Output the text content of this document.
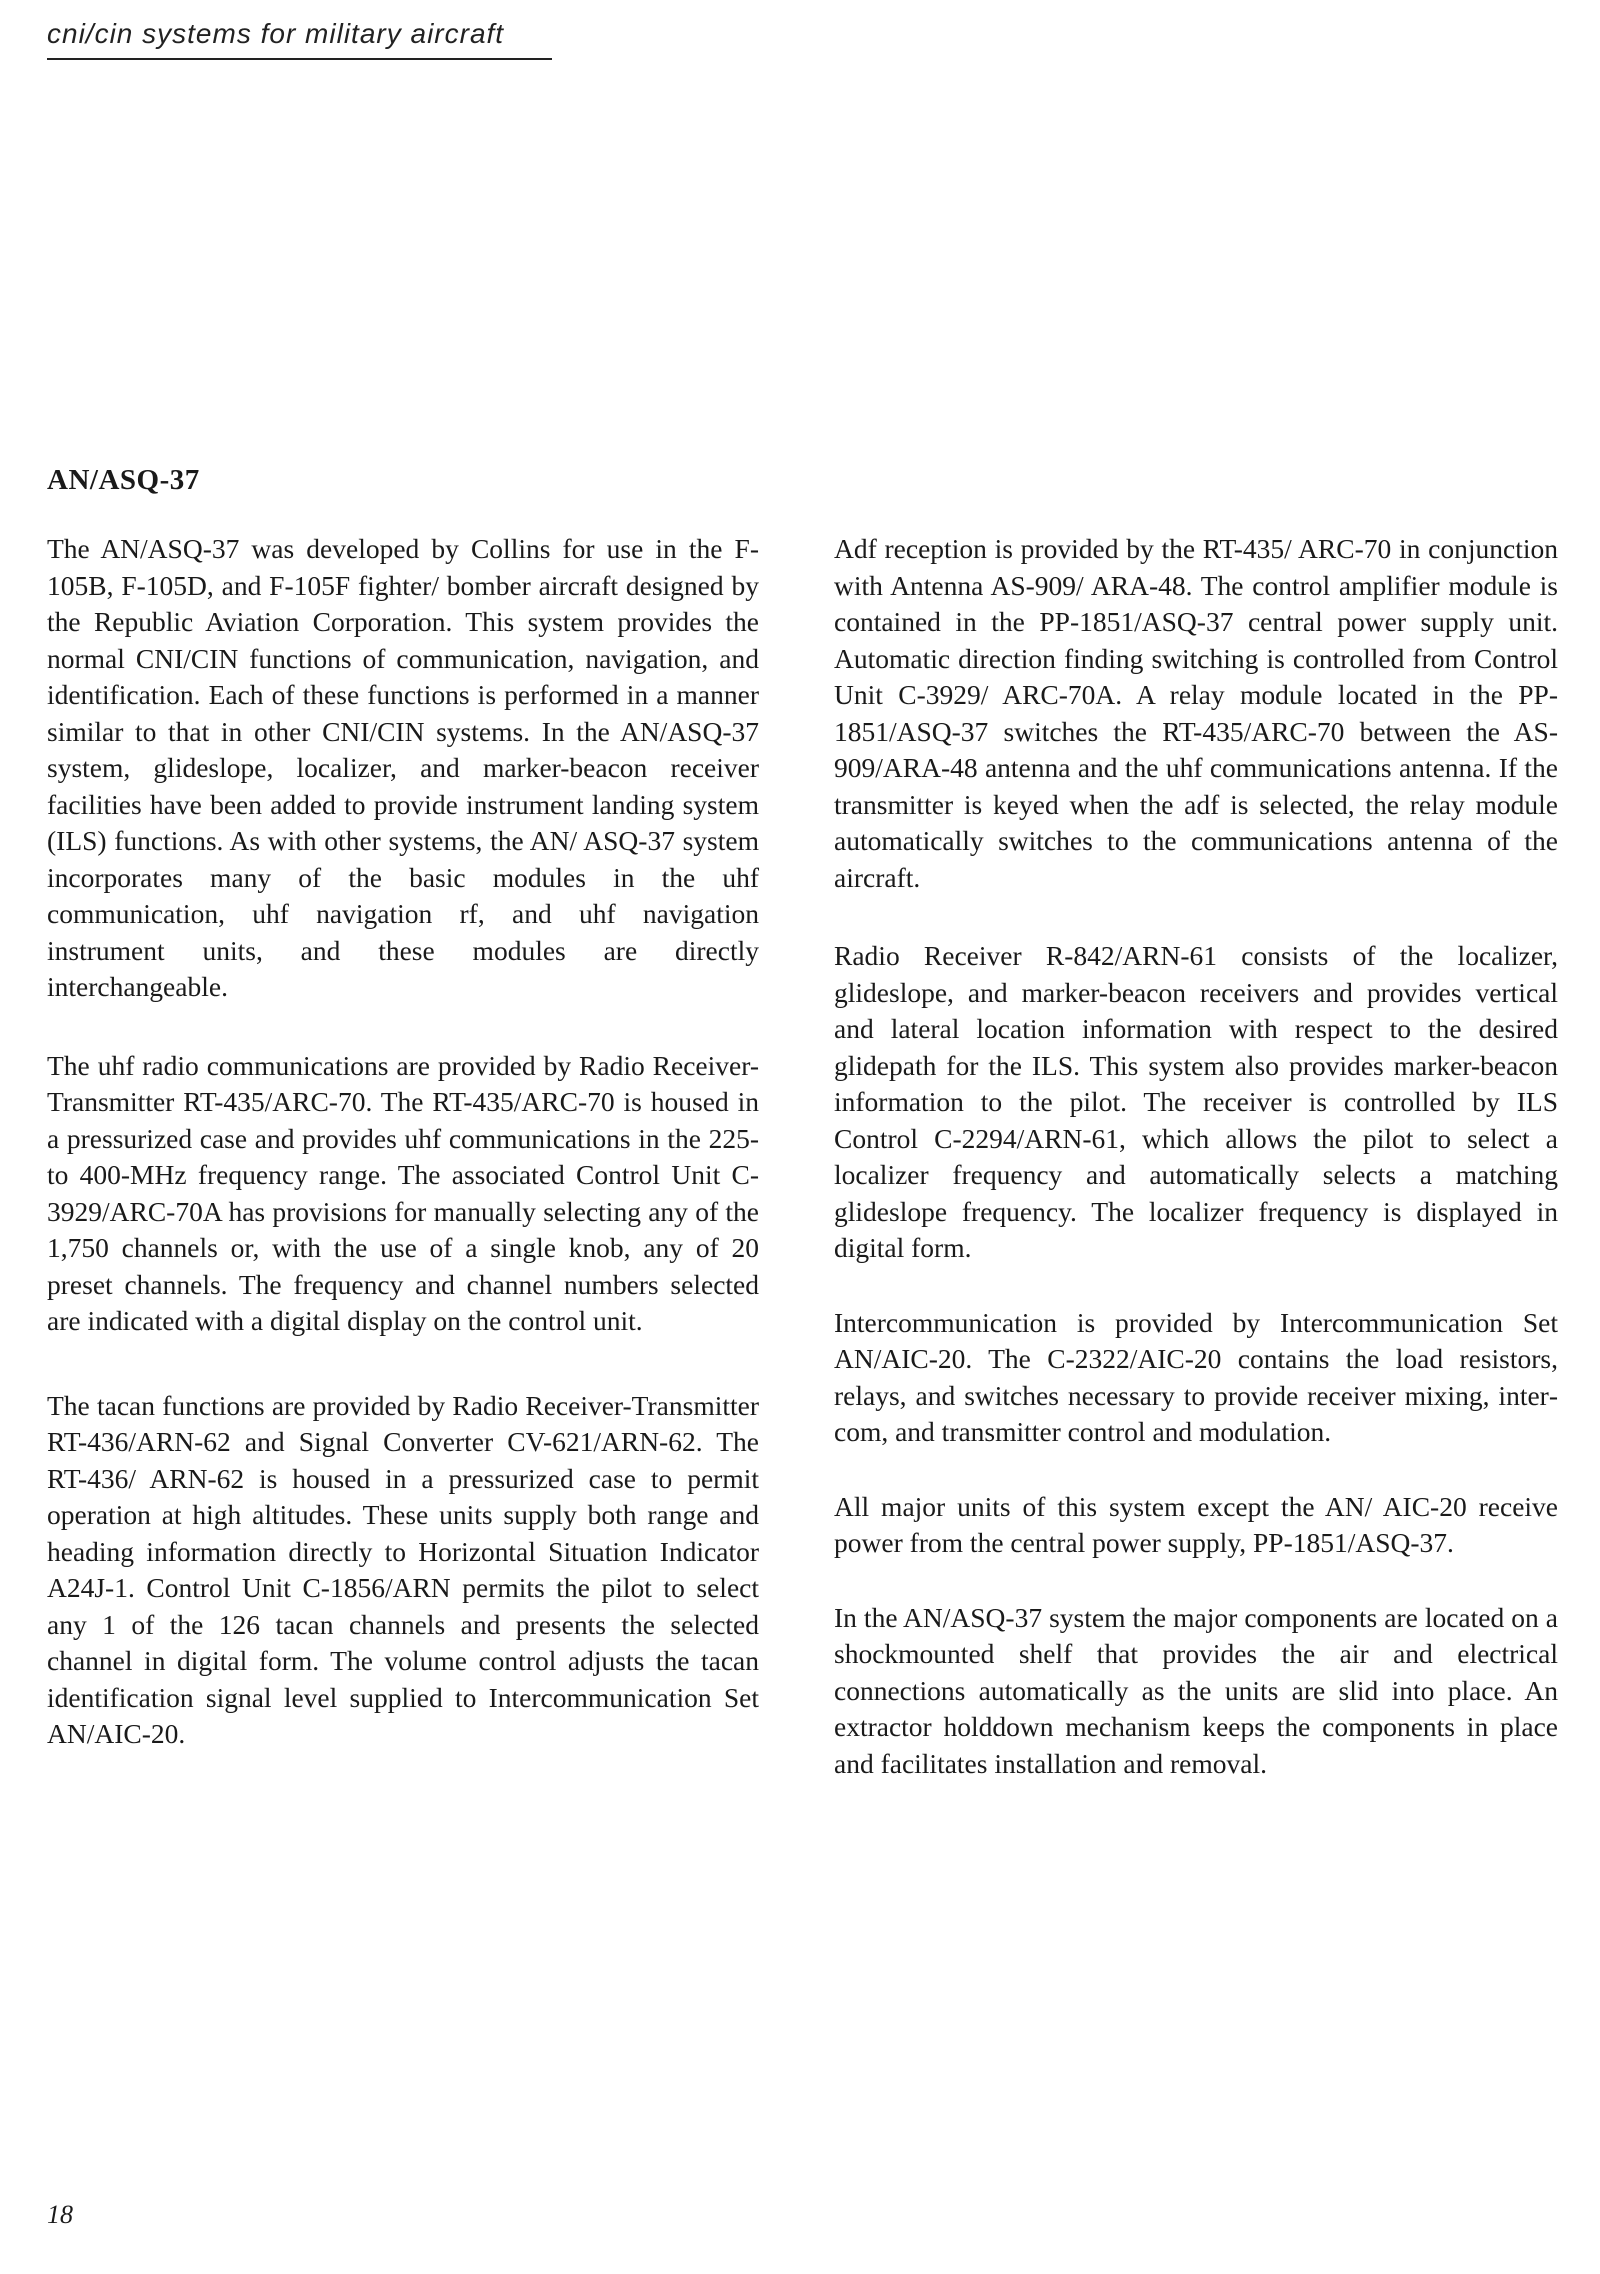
cni/cin systems for military aircraft
AN/ASQ-37

The AN/ASQ-37 was developed by Collins for use in the F-105B, F-105D, and F-105F fighter/ bomber aircraft designed by the Republic Aviation Corporation. This system provides the normal CNI/CIN functions of communication, navigation, and identification. Each of these functions is performed in a manner similar to that in other CNI/CIN systems. In the AN/ASQ-37 system, glideslope, localizer, and marker-beacon receiver facilities have been added to provide instrument landing system (ILS) functions. As with other systems, the AN/ ASQ-37 system incorporates many of the basic modules in the uhf communication, uhf navigation rf, and uhf navigation instrument units, and these modules are directly interchangeable.

The uhf radio communications are provided by Radio Receiver-Transmitter RT-435/ARC-70. The RT-435/ARC-70 is housed in a pressurized case and provides uhf communications in the 225- to 400-MHz frequency range. The associated Control Unit C-3929/ARC-70A has provisions for manually selecting any of the 1,750 channels or, with the use of a single knob, any of 20 preset channels. The frequency and channel numbers selected are indicated with a digital display on the control unit.

The tacan functions are provided by Radio Receiver-Transmitter RT-436/ARN-62 and Signal Converter CV-621/ARN-62. The RT-436/ ARN-62 is housed in a pressurized case to permit operation at high altitudes. These units supply both range and heading information directly to Horizontal Situation Indicator A24J-1. Control Unit C-1856/ARN permits the pilot to select any 1 of the 126 tacan channels and presents the selected channel in digital form. The volume control adjusts the tacan identification signal level supplied to Intercommunication Set AN/AIC-20.

Adf reception is provided by the RT-435/ ARC-70 in conjunction with Antenna AS-909/ ARA-48. The control amplifier module is contained in the PP-1851/ASQ-37 central power supply unit. Automatic direction finding switching is controlled from Control Unit C-3929/ ARC-70A. A relay module located in the PP-1851/ASQ-37 switches the RT-435/ARC-70 between the AS-909/ARA-48 antenna and the uhf communications antenna. If the transmitter is keyed when the adf is selected, the relay module automatically switches to the communications antenna of the aircraft.

Radio Receiver R-842/ARN-61 consists of the localizer, glideslope, and marker-beacon receivers and provides vertical and lateral location information with respect to the desired glidepath for the ILS. This system also provides marker-beacon information to the pilot. The receiver is controlled by ILS Control C-2294/ARN-61, which allows the pilot to select a localizer frequency and automatically selects a matching glideslope frequency. The localizer frequency is displayed in digital form.

Intercommunication is provided by Intercommunication Set AN/AIC-20. The C-2322/AIC-20 contains the load resistors, relays, and switches necessary to provide receiver mixing, intercom, and transmitter control and modulation.

All major units of this system except the AN/ AIC-20 receive power from the central power supply, PP-1851/ASQ-37.

In the AN/ASQ-37 system the major components are located on a shockmounted shelf that provides the air and electrical connections automatically as the units are slid into place. An extractor holddown mechanism keeps the components in place and facilitates installation and removal.

18
